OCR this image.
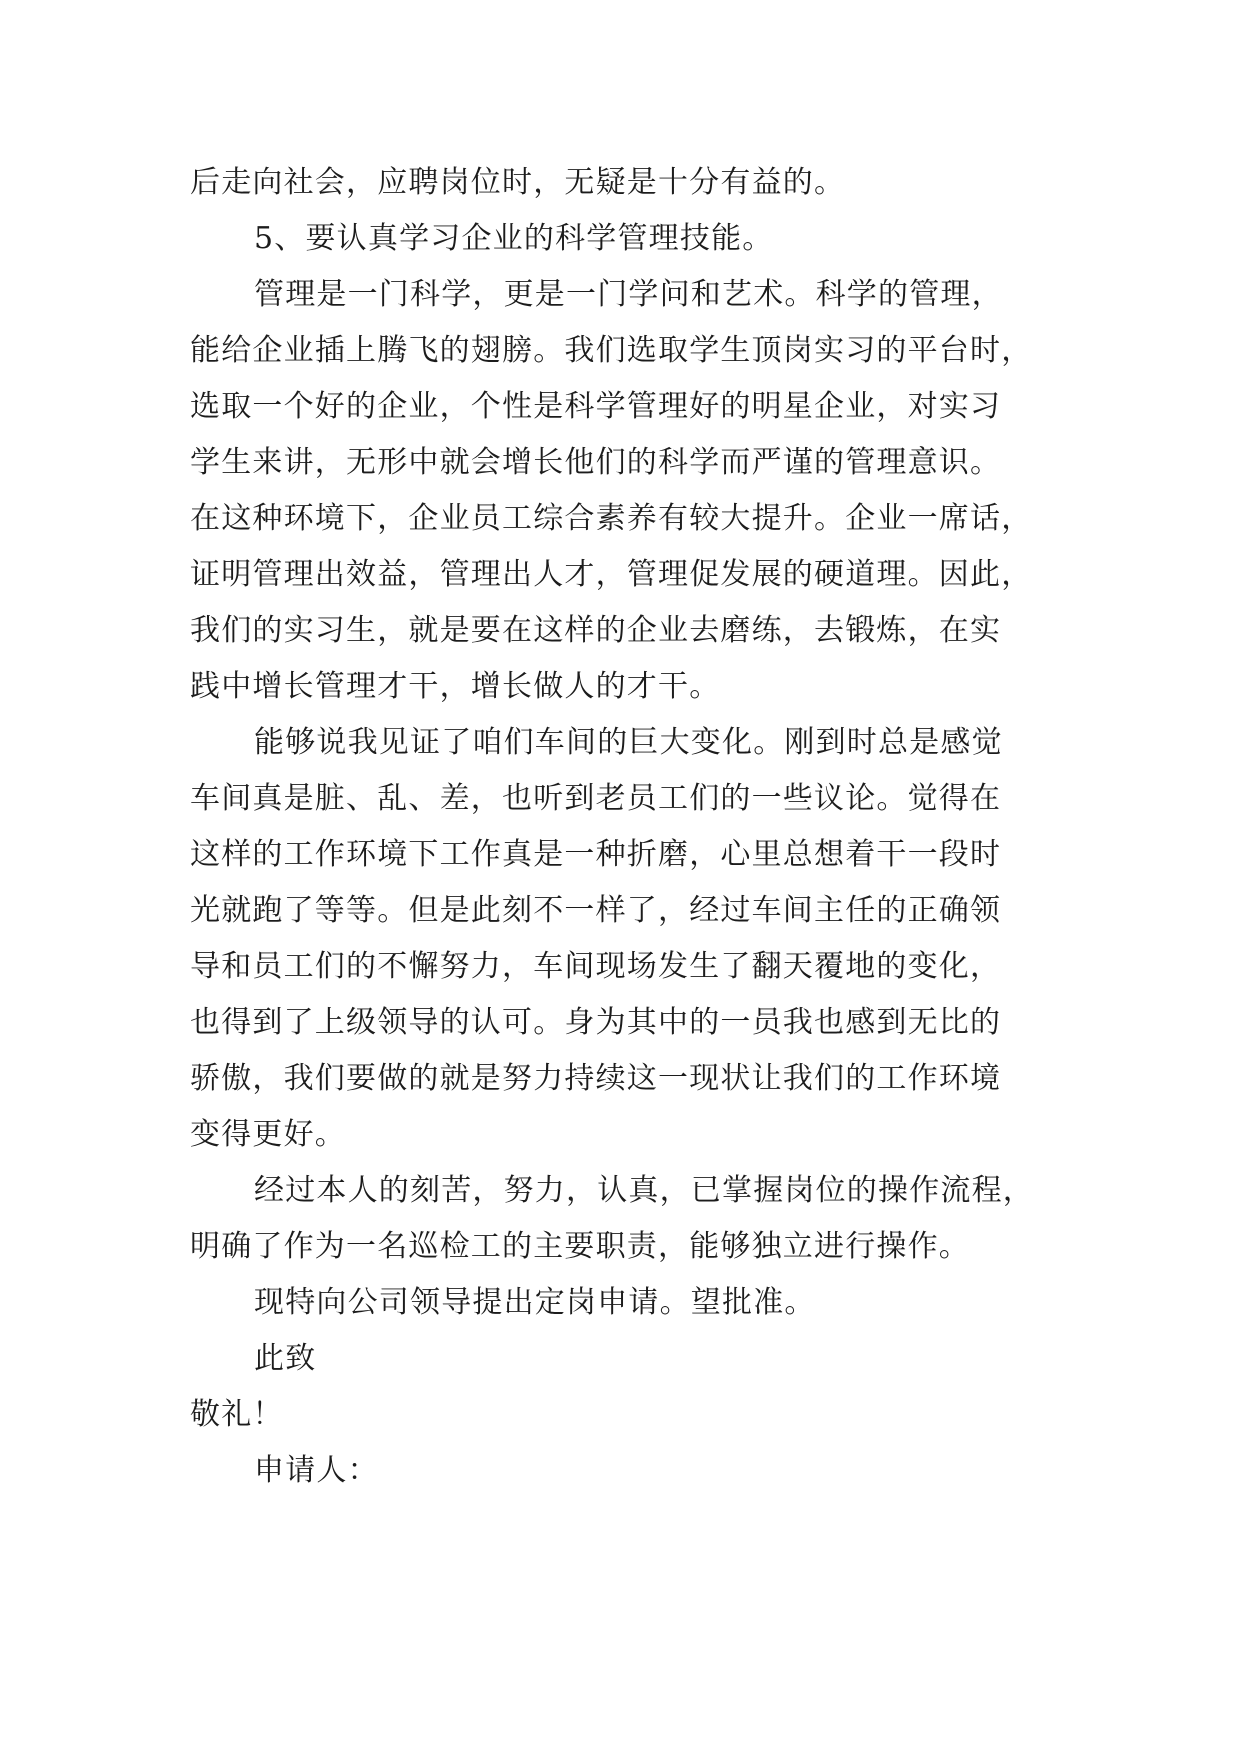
后走向社会，应聘岗位时，无疑是十分有益的。
5、要认真学习企业的科学管理技能。
管理是一门科学，更是一门学问和艺术。科学的管理，
能给企业插上腾飞的翅膀。我们选取学生顶岗实习的平台时，
选取一个好的企业，个性是科学管理好的明星企业，对实习
学生来讲，无形中就会增长他们的科学而严谨的管理意识。
在这种环境下，企业员工综合素养有较大提升。企业一席话，
证明管理出效益，管理出人才，管理促发展的硬道理。因此，
我们的实习生，就是要在这样的企业去磨练，去锻炼，在实
践中增长管理才干，增长做人的才干。
能够说我见证了咱们车间的巨大变化。刚到时总是感觉
车间真是脏、乱、差，也听到老员工们的一些议论。觉得在
这样的工作环境下工作真是一种折磨，心里总想着干一段时
光就跑了等等。但是此刻不一样了，经过车间主任的正确领
导和员工们的不懈努力，车间现场发生了翻天覆地的变化，
也得到了上级领导的认可。身为其中的一员我也感到无比的
骄傲，我们要做的就是努力持续这一现状让我们的工作环境
变得更好。
经过本人的刻苦，努力，认真，已掌握岗位的操作流程，
明确了作为一名巡检工的主要职责，能够独立进行操作。
现特向公司领导提出定岗申请。望批准。
此致
敬礼！
申请人：
